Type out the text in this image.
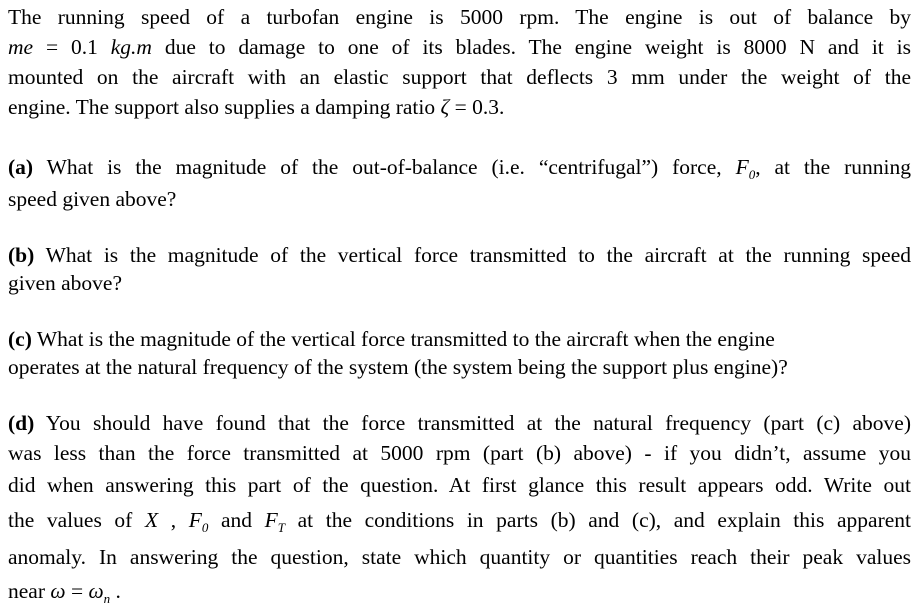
The running speed of a turbofan engine is 5000 rpm. The engine is out of balance by
me = 0.1 kg.m due to damage to one of its blades. The engine weight is 8000 N and it is
mounted on the aircraft with an elastic support that deflects 3 mm under the weight of the
engine. The support also supplies a damping ratio ζ = 0.3.
(a) What is the magnitude of the out-of-balance (i.e. “centrifugal”) force, $F_0$, at the running
speed given above?
(b) What is the magnitude of the vertical force transmitted to the aircraft at the running speed
given above?
(c) What is the magnitude of the vertical force transmitted to the aircraft when the engine
operates at the natural frequency of the system (the system being the support plus engine)?
(d) You should have found that the force transmitted at the natural frequency (part (c) above)
was less than the force transmitted at 5000 rpm (part (b) above) - if you didn’t, assume you
did when answering this part of the question. At first glance this result appears odd. Write out
the values of X , $F_0$ and $F_T$ at the conditions in parts (b) and (c), and explain this apparent
anomaly. In answering the question, state which quantity or quantities reach their peak values
near $\omega = \omega_n$ .
